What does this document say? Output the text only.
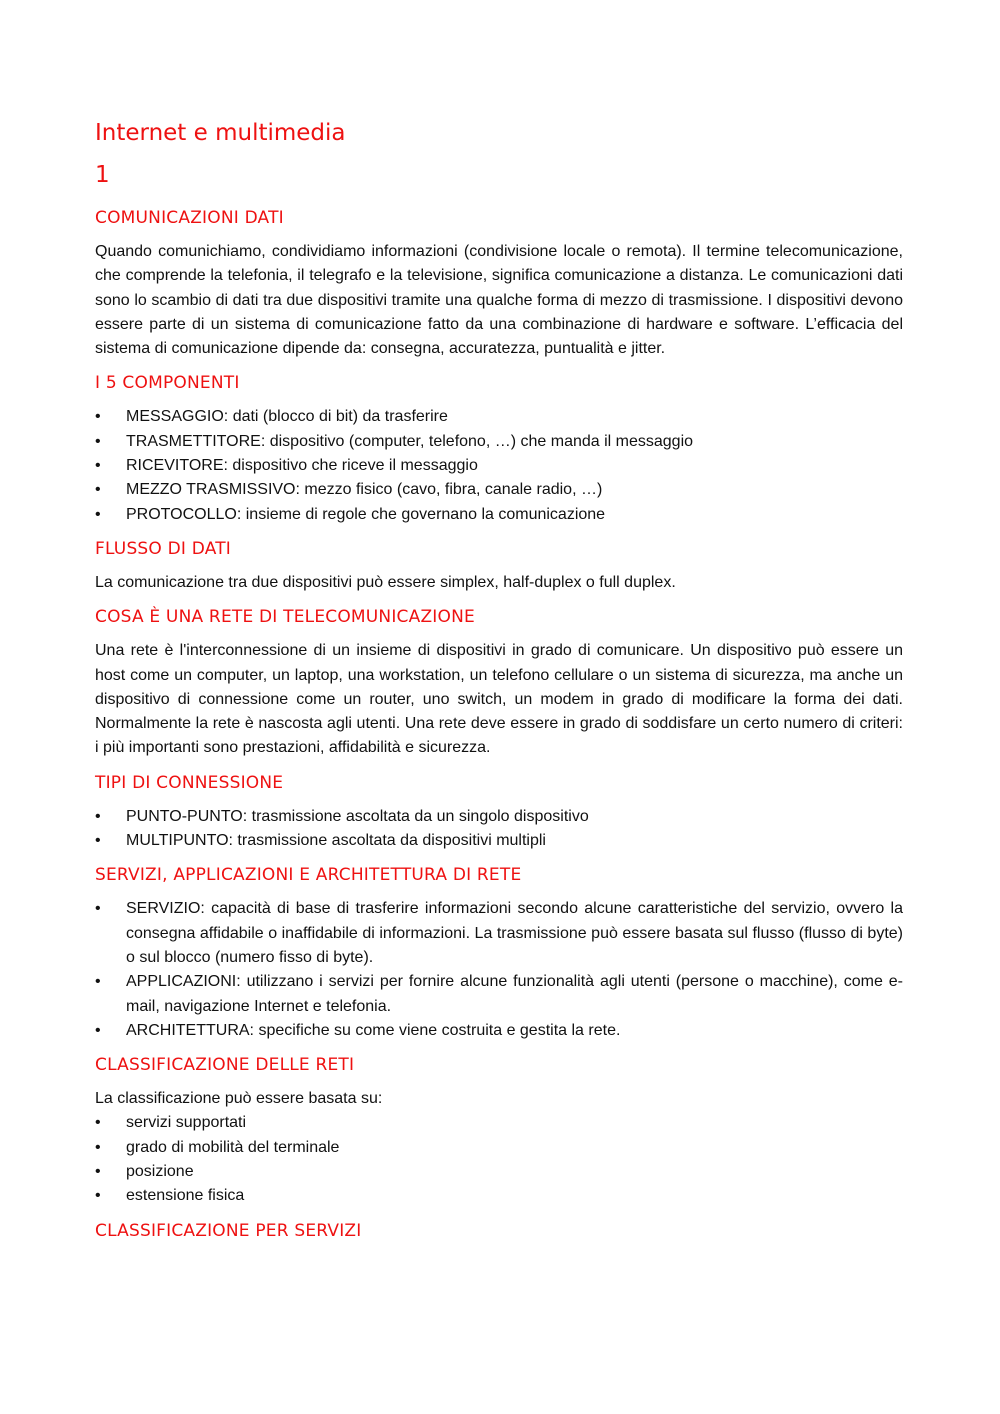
Internet e multimedia
1
COMUNICAZIONI DATI

Quando comunichiamo, condividiamo informazioni (condivisione locale o remota). Il termine telecomunicazione, che comprende la telefonia, il telegrafo e la televisione, significa comunicazione a distanza. Le comunicazioni dati sono lo scambio di dati tra due dispositivi tramite una qualche forma di mezzo di trasmissione. I dispositivi devono essere parte di un sistema di comunicazione fatto da una combinazione di hardware e software. L’efficacia del sistema di comunicazione dipende da: consegna, accuratezza, puntualità e jitter.

I 5 COMPONENTI
• MESSAGGIO: dati (blocco di bit) da trasferire
• TRASMETTITORE: dispositivo (computer, telefono, …) che manda il messaggio
• RICEVITORE: dispositivo che riceve il messaggio
• MEZZO TRASMISSIVO: mezzo fisico (cavo, fibra, canale radio, …)
• PROTOCOLLO: insieme di regole che governano la comunicazione
FLUSSO DI DATI

La comunicazione tra due dispositivi può essere simplex, half-duplex o full duplex.

COSA È UNA RETE DI TELECOMUNICAZIONE

Una rete è l'interconnessione di un insieme di dispositivi in grado di comunicare. Un dispositivo può essere un host come un computer, un laptop, una workstation, un telefono cellulare o un sistema di sicurezza, ma anche un dispositivo di connessione come un router, uno switch, un modem in grado di modificare la forma dei dati. Normalmente la rete è nascosta agli utenti. Una rete deve essere in grado di soddisfare un certo numero di criteri: i più importanti sono prestazioni, affidabilità e sicurezza.

TIPI DI CONNESSIONE
• PUNTO-PUNTO: trasmissione ascoltata da un singolo dispositivo
• MULTIPUNTO: trasmissione ascoltata da dispositivi multipli
SERVIZI, APPLICAZIONI E ARCHITETTURA DI RETE
• SERVIZIO: capacità di base di trasferire informazioni secondo alcune caratteristiche del servizio, ovvero la consegna affidabile o inaffidabile di informazioni. La trasmissione può essere basata sul flusso (flusso di byte) o sul blocco (numero fisso di byte).
• APPLICAZIONI: utilizzano i servizi per fornire alcune funzionalità agli utenti (persone o macchine), come e-mail, navigazione Internet e telefonia.
• ARCHITETTURA: specifiche su come viene costruita e gestita la rete.
CLASSIFICAZIONE DELLE RETI

La classificazione può essere basata su:

• servizi supportati
• grado di mobilità del terminale
• posizione
• estensione fisica
CLASSIFICAZIONE PER SERVIZI
